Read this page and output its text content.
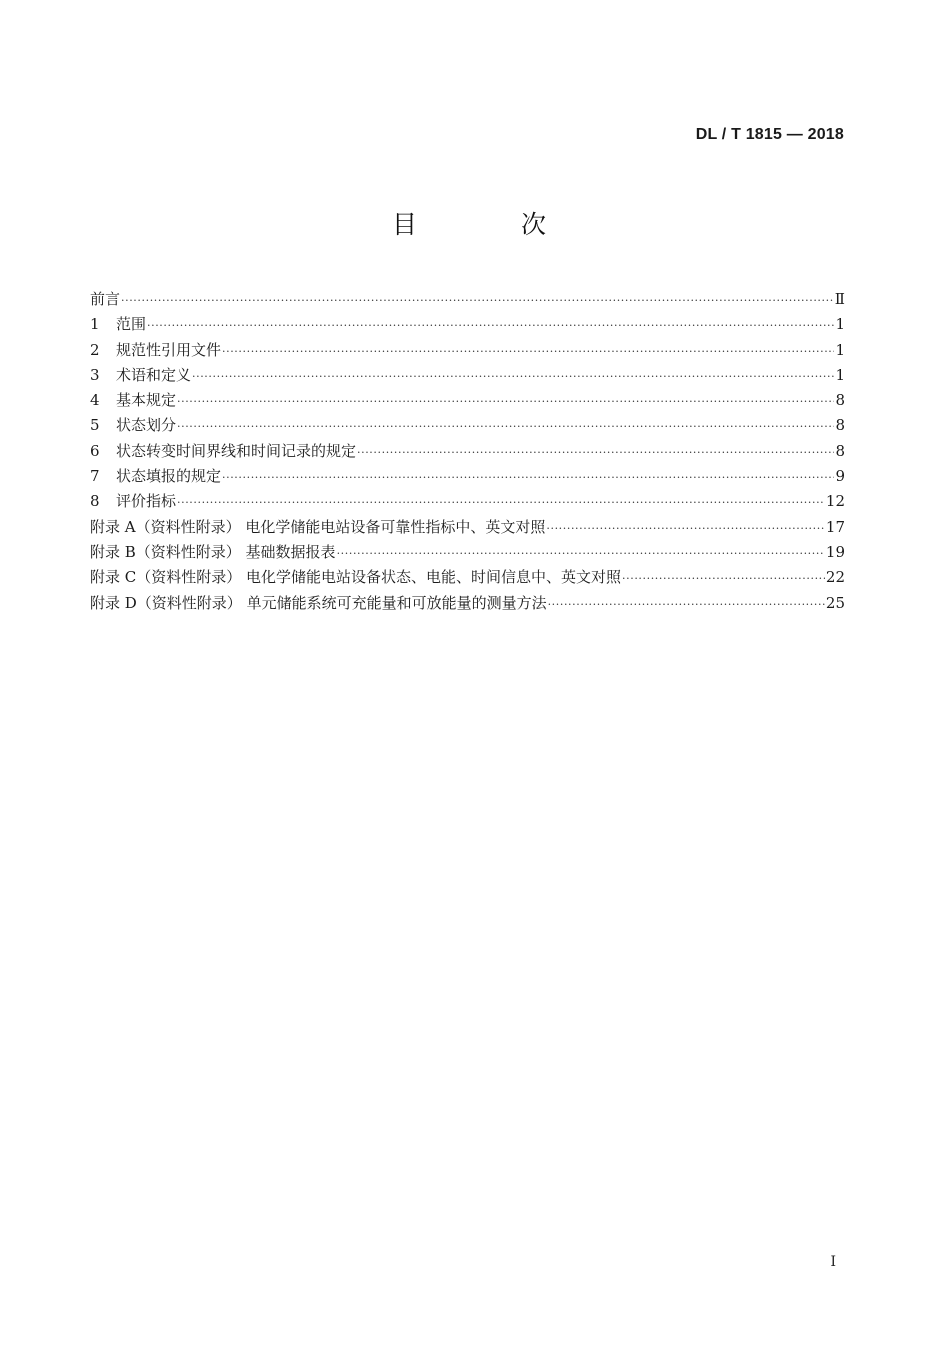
DL / T 1815 — 2018
目 次
前言 ·····	Ⅱ
1	范围 ·····	1
2	规范性引用文件 ·····	1
3	术语和定义 ·····	1
4	基本规定 ·····	8
5	状态划分 ·····	8
6	状态转变时间界线和时间记录的规定 ·····	8
7	状态填报的规定 ·····	9
8	评价指标 ·····	12
附录 A（资料性附录） 电化学储能电站设备可靠性指标中、英文对照 ·····	17
附录 B（资料性附录） 基础数据报表 ·····	19
附录 C（资料性附录） 电化学储能电站设备状态、电能、时间信息中、英文对照 ·····	22
附录 D（资料性附录） 单元储能系统可充能量和可放能量的测量方法 ·····	25
I
